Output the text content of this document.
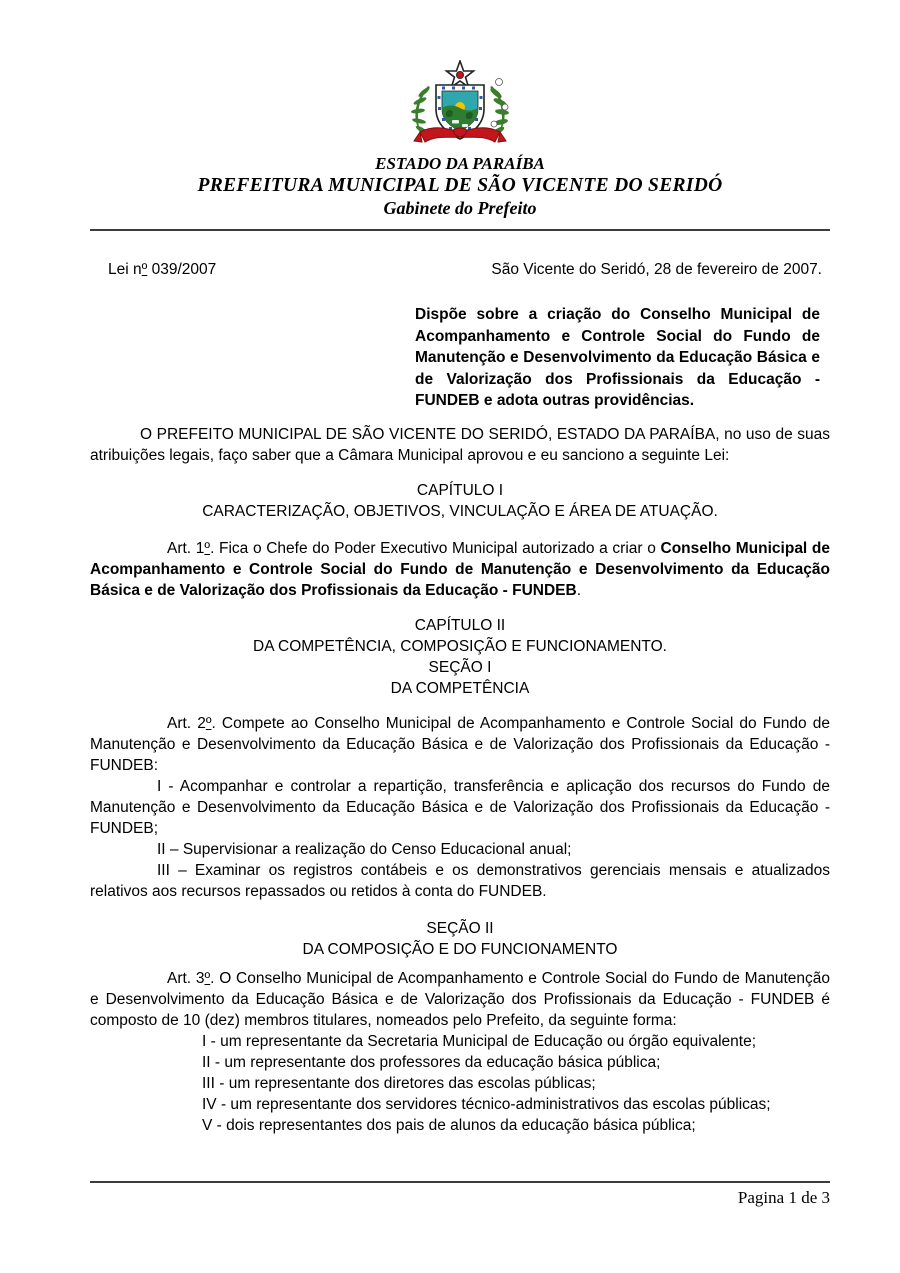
ESTADO DA PARAÍBA
PREFEITURA MUNICIPAL DE SÃO VICENTE DO SERIDÓ
Gabinete do Prefeito
Lei nº 039/2007	São Vicente do Seridó, 28 de fevereiro de 2007.

Dispõe sobre a criação do Conselho Municipal de Acompanhamento e Controle Social do Fundo de Manutenção e Desenvolvimento da Educação Básica e de Valorização dos Profissionais da Educação - FUNDEB e adota outras providências.

O PREFEITO MUNICIPAL DE SÃO VICENTE DO SERIDÓ, ESTADO DA PARAÍBA, no uso de suas atribuições legais, faço saber que a Câmara Municipal aprovou e eu sanciono a seguinte Lei:

CAPÍTULO I

CARACTERIZAÇÃO, OBJETIVOS, VINCULAÇÃO E ÁREA DE ATUAÇÃO.

Art. 1º. Fica o Chefe do Poder Executivo Municipal autorizado a criar o Conselho Municipal de Acompanhamento e Controle Social do Fundo de Manutenção e Desenvolvimento da Educação Básica e de Valorização dos Profissionais da Educação - FUNDEB.

CAPÍTULO II

DA COMPETÊNCIA, COMPOSIÇÃO E FUNCIONAMENTO.

SEÇÃO I

DA COMPETÊNCIA

Art. 2º. Compete ao Conselho Municipal de Acompanhamento e Controle Social do Fundo de Manutenção e Desenvolvimento da Educação Básica e de Valorização dos Profissionais da Educação - FUNDEB:

I - Acompanhar e controlar a repartição, transferência e aplicação dos recursos do Fundo de Manutenção e Desenvolvimento da Educação Básica e de Valorização dos Profissionais da Educação - FUNDEB;

II – Supervisionar a realização do Censo Educacional anual;

III – Examinar os registros contábeis e os demonstrativos gerenciais mensais e atualizados relativos aos recursos repassados ou retidos à conta do FUNDEB.

SEÇÃO II

DA COMPOSIÇÃO E DO FUNCIONAMENTO

Art. 3º. O Conselho Municipal de Acompanhamento e Controle Social do Fundo de Manutenção e Desenvolvimento da Educação Básica e de Valorização dos Profissionais da Educação - FUNDEB é composto de 10 (dez) membros titulares, nomeados pelo Prefeito, da seguinte forma:

I - um representante da Secretaria Municipal de Educação ou órgão equivalente;

II - um representante dos professores da educação básica pública;

III - um representante dos diretores das escolas públicas;

IV - um representante dos servidores técnico-administrativos das escolas públicas;

V - dois representantes dos pais de alunos da educação básica pública;

Pagina 1 de 3
